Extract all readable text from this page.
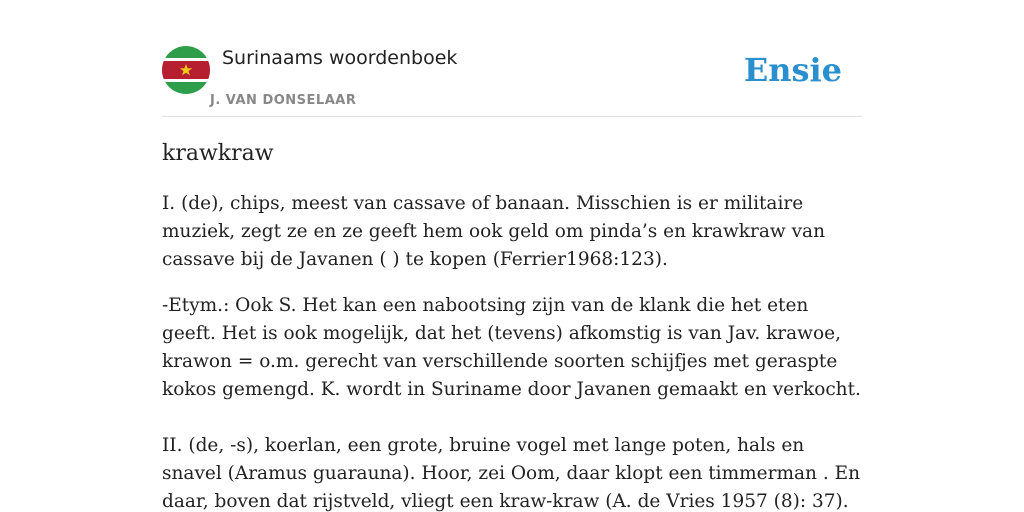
Surinaams woordenboek
J. VAN DONSELAAR
Ensie
krawkraw

I. (de), chips, meest van cassave of banaan. Misschien is er militaire muziek, zegt ze en ze geeft hem ook geld om pinda’s en krawkraw van cassave bij de Javanen ( ) te kopen (Ferrier1968:123).

-Etym.: Ook S. Het kan een nabootsing zijn van de klank die het eten geeft. Het is ook mogelijk, dat het (tevens) afkomstig is van Jav. krawoe, krawon = o.m. gerecht van verschillende soorten schijfjes met geraspte kokos gemengd. K. wordt in Suriname door Javanen gemaakt en verkocht.

II. (de, -s), koerlan, een grote, bruine vogel met lange poten, hals en snavel (Aramus guarauna). Hoor, zei Oom, daar klopt een timmerman . En daar, boven dat rijstveld, vliegt een kraw-kraw (A. de Vries 1957 (8): 37).
